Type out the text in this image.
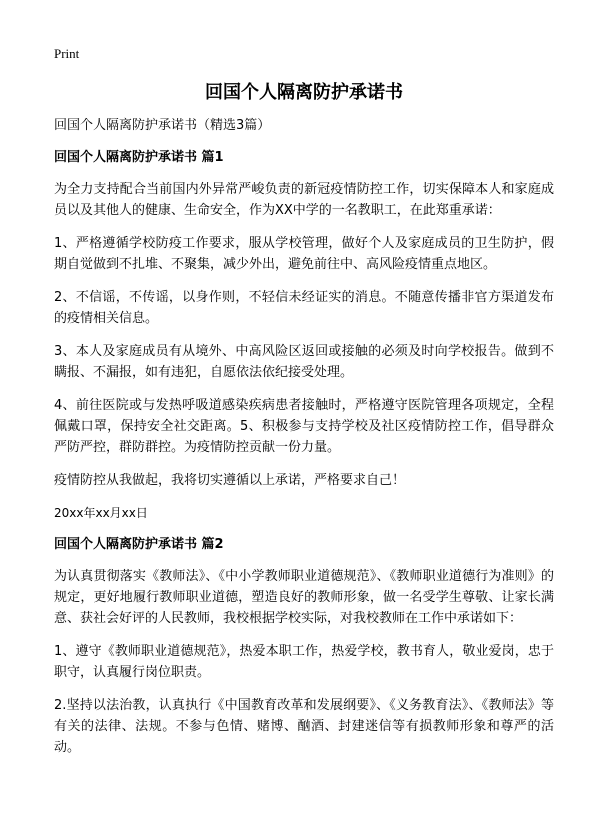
Print
回国个人隔离防护承诺书
回国个人隔离防护承诺书（精选3篇）
回国个人隔离防护承诺书 篇1

为全力支持配合当前国内外异常严峻负责的新冠疫情防控工作，切实保障本人和家庭成员以及其他人的健康、生命安全，作为XX中学的一名教职工，在此郑重承诺：

1、严格遵循学校防疫工作要求，服从学校管理，做好个人及家庭成员的卫生防护，假期自觉做到不扎堆、不聚集，减少外出，避免前往中、高风险疫情重点地区。

2、不信谣，不传谣，以身作则，不轻信未经证实的消息。不随意传播非官方渠道发布的疫情相关信息。

3、本人及家庭成员有从境外、中高风险区返回或接触的必须及时向学校报告。做到不瞒报、不漏报，如有违犯，自愿依法依纪接受处理。

4、前往医院或与发热呼吸道感染疾病患者接触时，严格遵守医院管理各项规定，全程佩戴口罩，保持安全社交距离。5、积极参与支持学校及社区疫情防控工作，倡导群众严防严控，群防群控。为疫情防控贡献一份力量。

疫情防控从我做起，我将切实遵循以上承诺，严格要求自己！

20xx年xx月xx日
回国个人隔离防护承诺书 篇2

为认真贯彻落实《教师法》、《中小学教师职业道德规范》、《教师职业道德行为准则》的规定，更好地履行教师职业道德，塑造良好的教师形象，做一名受学生尊敬、让家长满意、获社会好评的人民教师，我校根据学校实际，对我校教师在工作中承诺如下：

1、遵守《教师职业道德规范》，热爱本职工作，热爱学校，教书育人，敬业爱岗，忠于职守，认真履行岗位职责。

2.坚持以法治教，认真执行《中国教育改革和发展纲要》、《义务教育法》、《教师法》等有关的法律、法规。不参与色情、赌博、酗酒、封建迷信等有损教师形象和尊严的活动。
